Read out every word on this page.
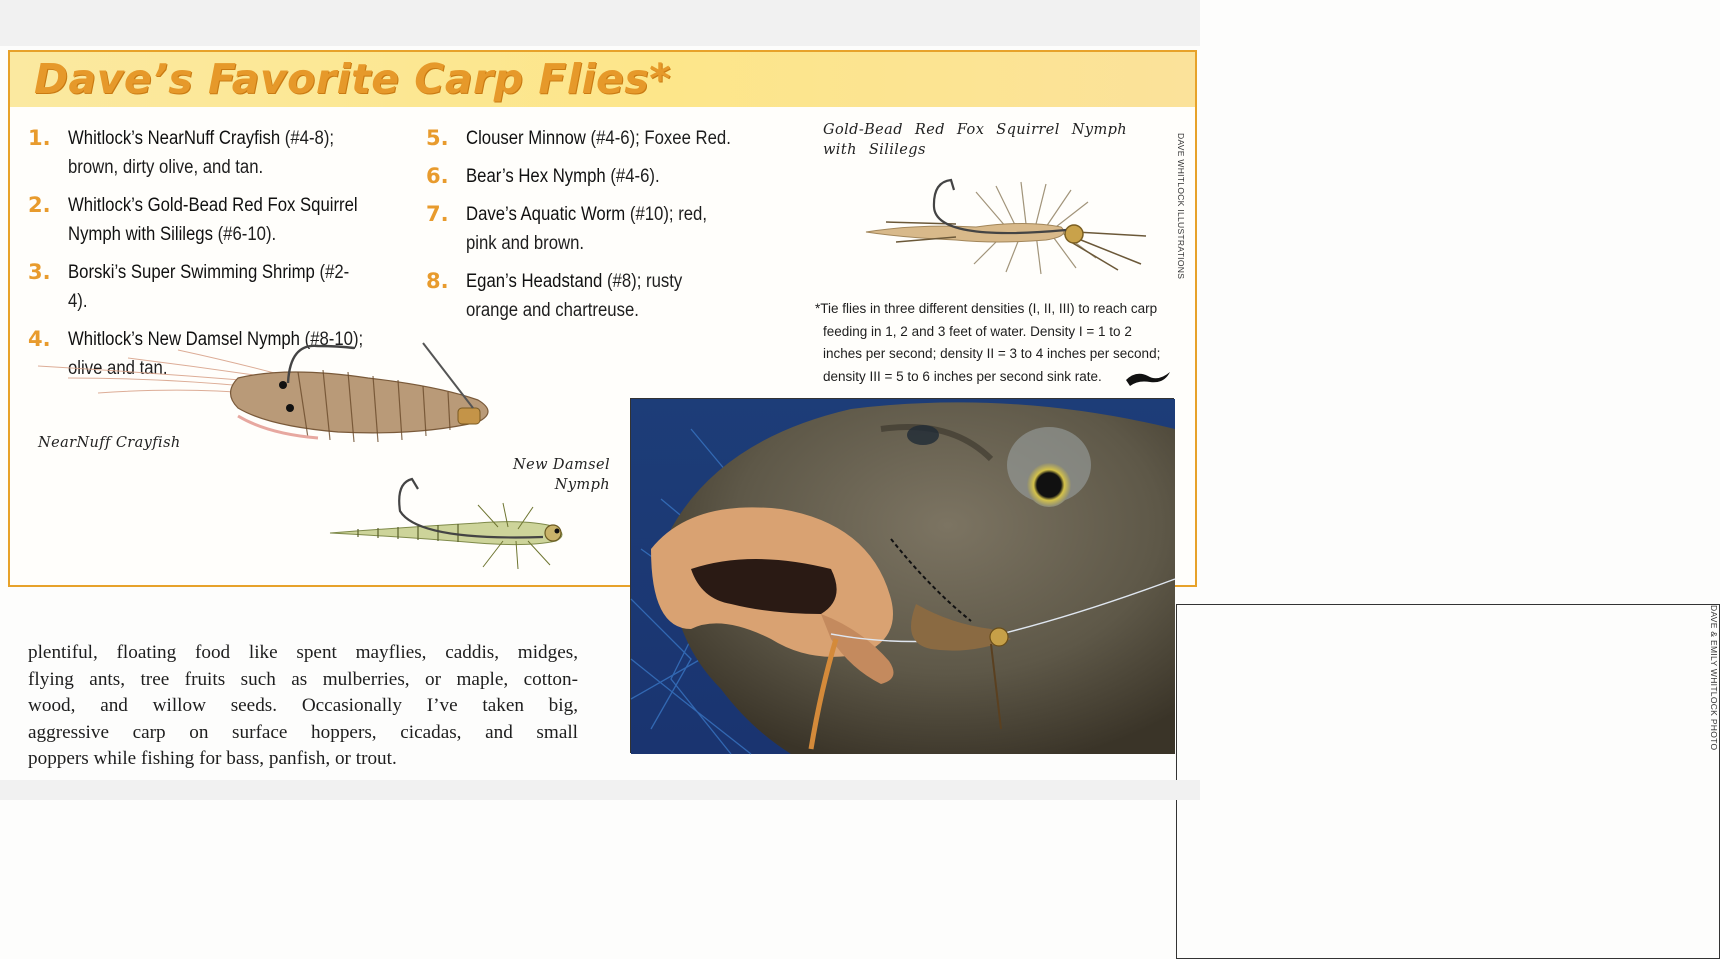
Dave’s Favorite Carp Flies*
1. Whitlock’s NearNuff Crayfish (#4-8); brown, dirty olive, and tan.
2. Whitlock’s Gold-Bead Red Fox Squirrel Nymph with Sililegs (#6-10).
3. Borski’s Super Swimming Shrimp (#2-4).
4. Whitlock’s New Damsel Nymph (#8-10); olive and tan.
5. Clouser Minnow (#4-6); Foxee Red.
6. Bear’s Hex Nymph (#4-6).
7. Dave’s Aquatic Worm (#10); red, pink and brown.
8. Egan’s Headstand (#8); rusty orange and chartreuse.
Gold-Bead Red Fox Squirrel Nymph with Sililegs	DAVE WHITLOCK ILLUSTRATIONS
*Tie flies in three different densities (I, II, III) to reach carp
feeding in 1, 2 and 3 feet of water. Density I = 1 to 2
inches per second; density II = 3 to 4 inches per second;
density III = 5 to 6 inches per second sink rate.
NearNuff Crayfish
New Damsel Nymph
DAVE & EMILY WHITLOCK PHOTO
plentiful, floating food like spent mayflies, caddis, midges,
flying ants, tree fruits such as mulberries, or maple, cotton-
wood, and willow seeds. Occasionally I’ve taken big,
aggressive carp on surface hoppers, cicadas, and small
poppers while fishing for bass, panfish, or trout.
